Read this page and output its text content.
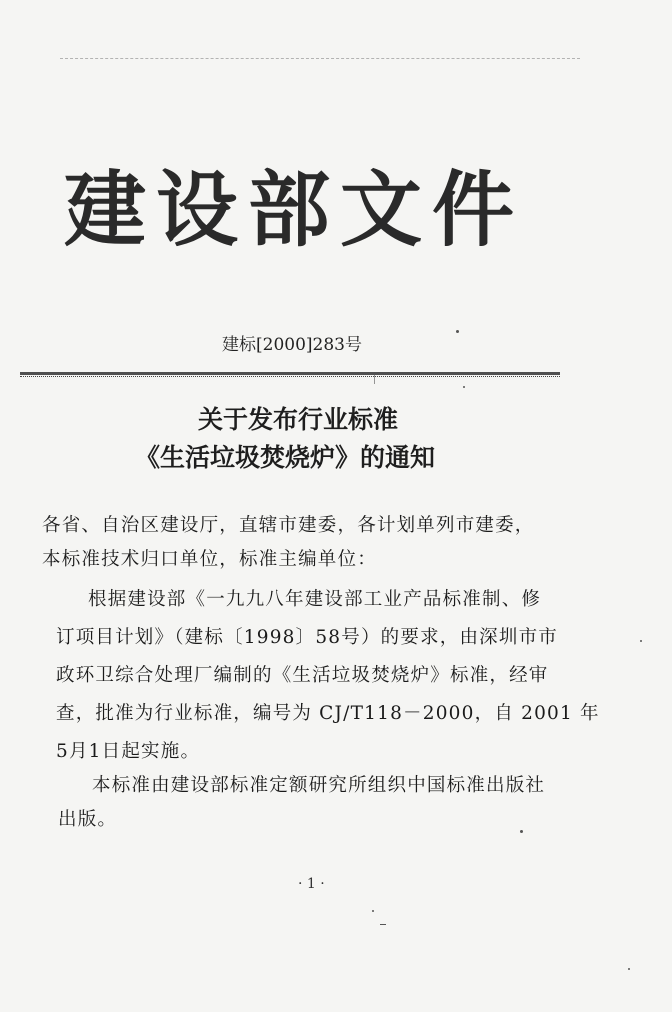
建设部文件
建标[2000]283号
关于发布行业标准
《生活垃圾焚烧炉》的通知
各省、自治区建设厅，直辖市建委，各计划单列市建委，
本标准技术归口单位，标准主编单位：
根据建设部《一九九八年建设部工业产品标准制、修
订项目计划》（建标〔1998〕58号）的要求，由深圳市市
政环卫综合处理厂编制的《生活垃圾焚烧炉》标准，经审
查，批准为行业标准，编号为 CJ/T118－2000，自 2001 年
5月1日起实施。
本标准由建设部标准定额研究所组织中国标准出版社
出版。
· 1 ·
